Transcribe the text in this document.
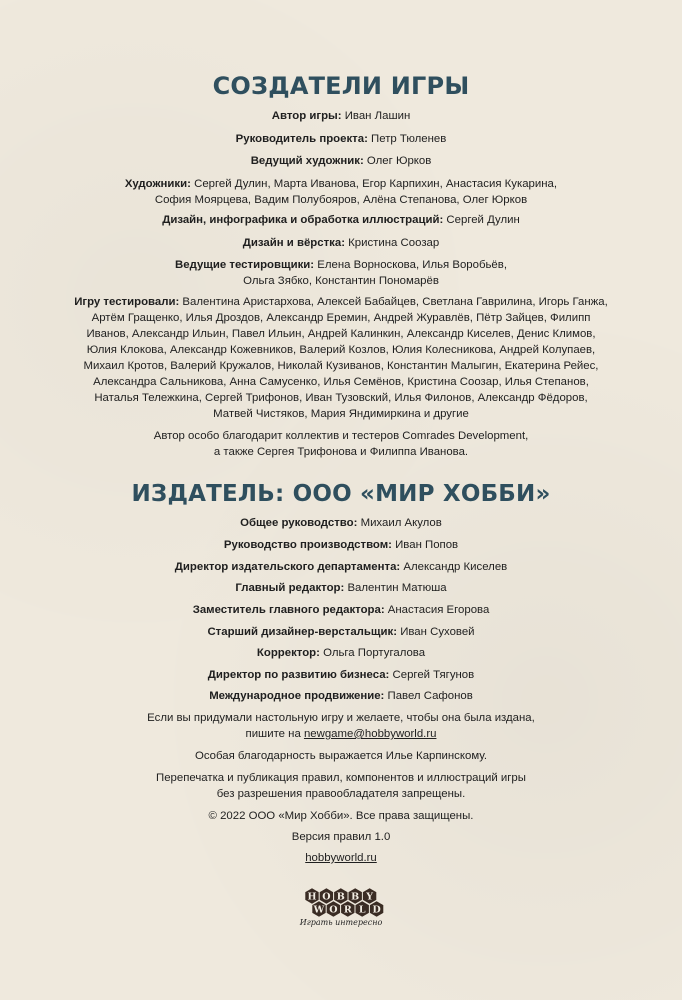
СОЗДАТЕЛИ ИГРЫ
Автор игры: Иван Лашин
Руководитель проекта: Петр Тюленев
Ведущий художник: Олег Юрков
Художники: Сергей Дулин, Марта Иванова, Егор Карпихин, Анастасия Кукарина,
София Моярцева, Вадим Полубояров, Алёна Степанова, Олег Юрков
Дизайн, инфографика и обработка иллюстраций: Сергей Дулин
Дизайн и вёрстка: Кристина Соозар
Ведущие тестировщики: Елена Ворноскова, Илья Воробьёв,
Ольга Зябко, Константин Пономарёв
Игру тестировали: Валентина Аристархова, Алексей Бабайцев, Светлана Гаврилина, Игорь Ганжа,
Артём Гращенко, Илья Дроздов, Александр Еремин, Андрей Журавлёв, Пётр Зайцев, Филипп
Иванов, Александр Ильин, Павел Ильин, Андрей Калинкин, Александр Киселев, Денис Климов,
Юлия Клокова, Александр Кожевников, Валерий Козлов, Юлия Колесникова, Андрей Колупаев,
Михаил Кротов, Валерий Кружалов, Николай Кузиванов, Константин Малыгин, Екатерина Рейес,
Александра Сальникова, Анна Самусенко, Илья Семёнов, Кристина Соозар, Илья Степанов,
Наталья Тележкина, Сергей Трифонов, Иван Тузовский, Илья Филонов, Александр Фёдоров,
Матвей Чистяков, Мария Яндимиркина и другие
Автор особо благодарит коллектив и тестеров Comrades Development,
а также Сергея Трифонова и Филиппа Иванова.
ИЗДАТЕЛЬ: ООО «МИР ХОББИ»
Общее руководство: Михаил Акулов
Руководство производством: Иван Попов
Директор издательского департамента: Александр Киселев
Главный редактор: Валентин Матюша
Заместитель главного редактора: Анастасия Егорова
Старший дизайнер-верстальщик: Иван Суховей
Корректор: Ольга Португалова
Директор по развитию бизнеса: Сергей Тягунов
Международное продвижение: Павел Сафонов
Если вы придумали настольную игру и желаете, чтобы она была издана,
пишите на newgame@hobbyworld.ru
Особая благодарность выражается Илье Карпинскому.
Перепечатка и публикация правил, компонентов и иллюстраций игры
без разрешения правообладателя запрещены.
© 2022 ООО «Мир Хобби». Все права защищены.
Версия правил 1.0
hobbyworld.ru
H O B B Y
W O R L D
Играть интересно
